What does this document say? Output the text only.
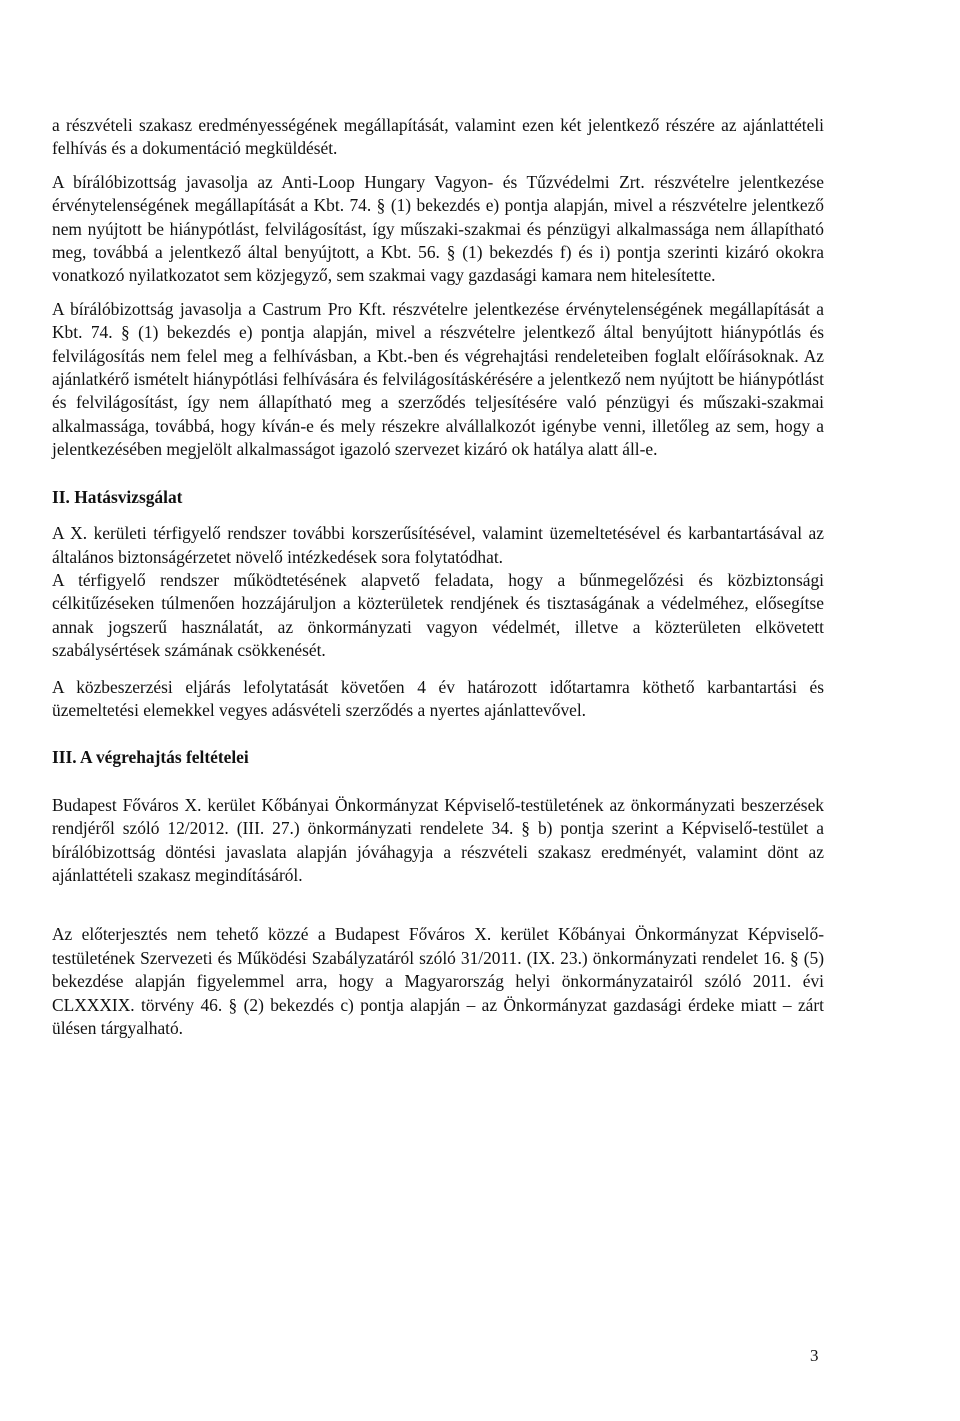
a részvételi szakasz eredményességének megállapítását, valamint ezen két jelentkező részére az ajánlattételi felhívás és a dokumentáció megküldését.

A bírálóbizottság javasolja az Anti-Loop Hungary Vagyon- és Tűzvédelmi Zrt. részvételre jelentkezése érvénytelenségének megállapítását a Kbt. 74. § (1) bekezdés e) pontja alapján, mivel a részvételre jelentkező nem nyújtott be hiánypótlást, felvilágosítást, így műszaki-szakmai és pénzügyi alkalmassága nem állapítható meg, továbbá a jelentkező által benyújtott, a Kbt. 56. § (1) bekezdés f) és i) pontja szerinti kizáró okokra vonatkozó nyilatkozatot sem közjegyző, sem szakmai vagy gazdasági kamara nem hitelesítette.

A bírálóbizottság javasolja a Castrum Pro Kft. részvételre jelentkezése érvénytelenségének megállapítását a Kbt. 74. § (1) bekezdés e) pontja alapján, mivel a részvételre jelentkező által benyújtott hiánypótlás és felvilágosítás nem felel meg a felhívásban, a Kbt.-ben és végrehajtási rendeleteiben foglalt előírásoknak. Az ajánlatkérő ismételt hiánypótlási felhívására és felvilágosításkérésére a jelentkező nem nyújtott be hiánypótlást és felvilágosítást, így nem állapítható meg a szerződés teljesítésére való pénzügyi és műszaki-szakmai alkalmassága, továbbá, hogy kíván-e és mely részekre alvállalkozót igénybe venni, illetőleg az sem, hogy a jelentkezésében megjelölt alkalmasságot igazoló szervezet kizáró ok hatálya alatt áll-e.

II. Hatásvizsgálat

A X. kerületi térfigyelő rendszer további korszerűsítésével, valamint üzemeltetésével és karbantartásával az általános biztonságérzetet növelő intézkedések sora folytatódhat.

A térfigyelő rendszer működtetésének alapvető feladata, hogy a bűnmegelőzési és közbiztonsági célkitűzéseken túlmenően hozzájáruljon a közterületek rendjének és tisztaságának a védelméhez, elősegítse annak jogszerű használatát, az önkormányzati vagyon védelmét, illetve a közterületen elkövetett szabálysértések számának csökkenését.

A közbeszerzési eljárás lefolytatását követően 4 év határozott időtartamra köthető karbantartási és üzemeltetési elemekkel vegyes adásvételi szerződés a nyertes ajánlattevővel.

III. A végrehajtás feltételei

Budapest Főváros X. kerület Kőbányai Önkormányzat Képviselő-testületének az önkormányzati beszerzések rendjéről szóló 12/2012. (III. 27.) önkormányzati rendelete 34. § b) pontja szerint a Képviselő-testület a bírálóbizottság döntési javaslata alapján jóváhagyja a részvételi szakasz eredményét, valamint dönt az ajánlattételi szakasz megindításáról.

Az előterjesztés nem tehető közzé a Budapest Főváros X. kerület Kőbányai Önkormányzat Képviselő-testületének Szervezeti és Működési Szabályzatáról szóló 31/2011. (IX. 23.) önkormányzati rendelet 16. § (5) bekezdése alapján figyelemmel arra, hogy a Magyarország helyi önkormányzatairól szóló 2011. évi CLXXXIX. törvény 46. § (2) bekezdés c) pontja alapján – az Önkormányzat gazdasági érdeke miatt – zárt ülésen tárgyalható.

3
